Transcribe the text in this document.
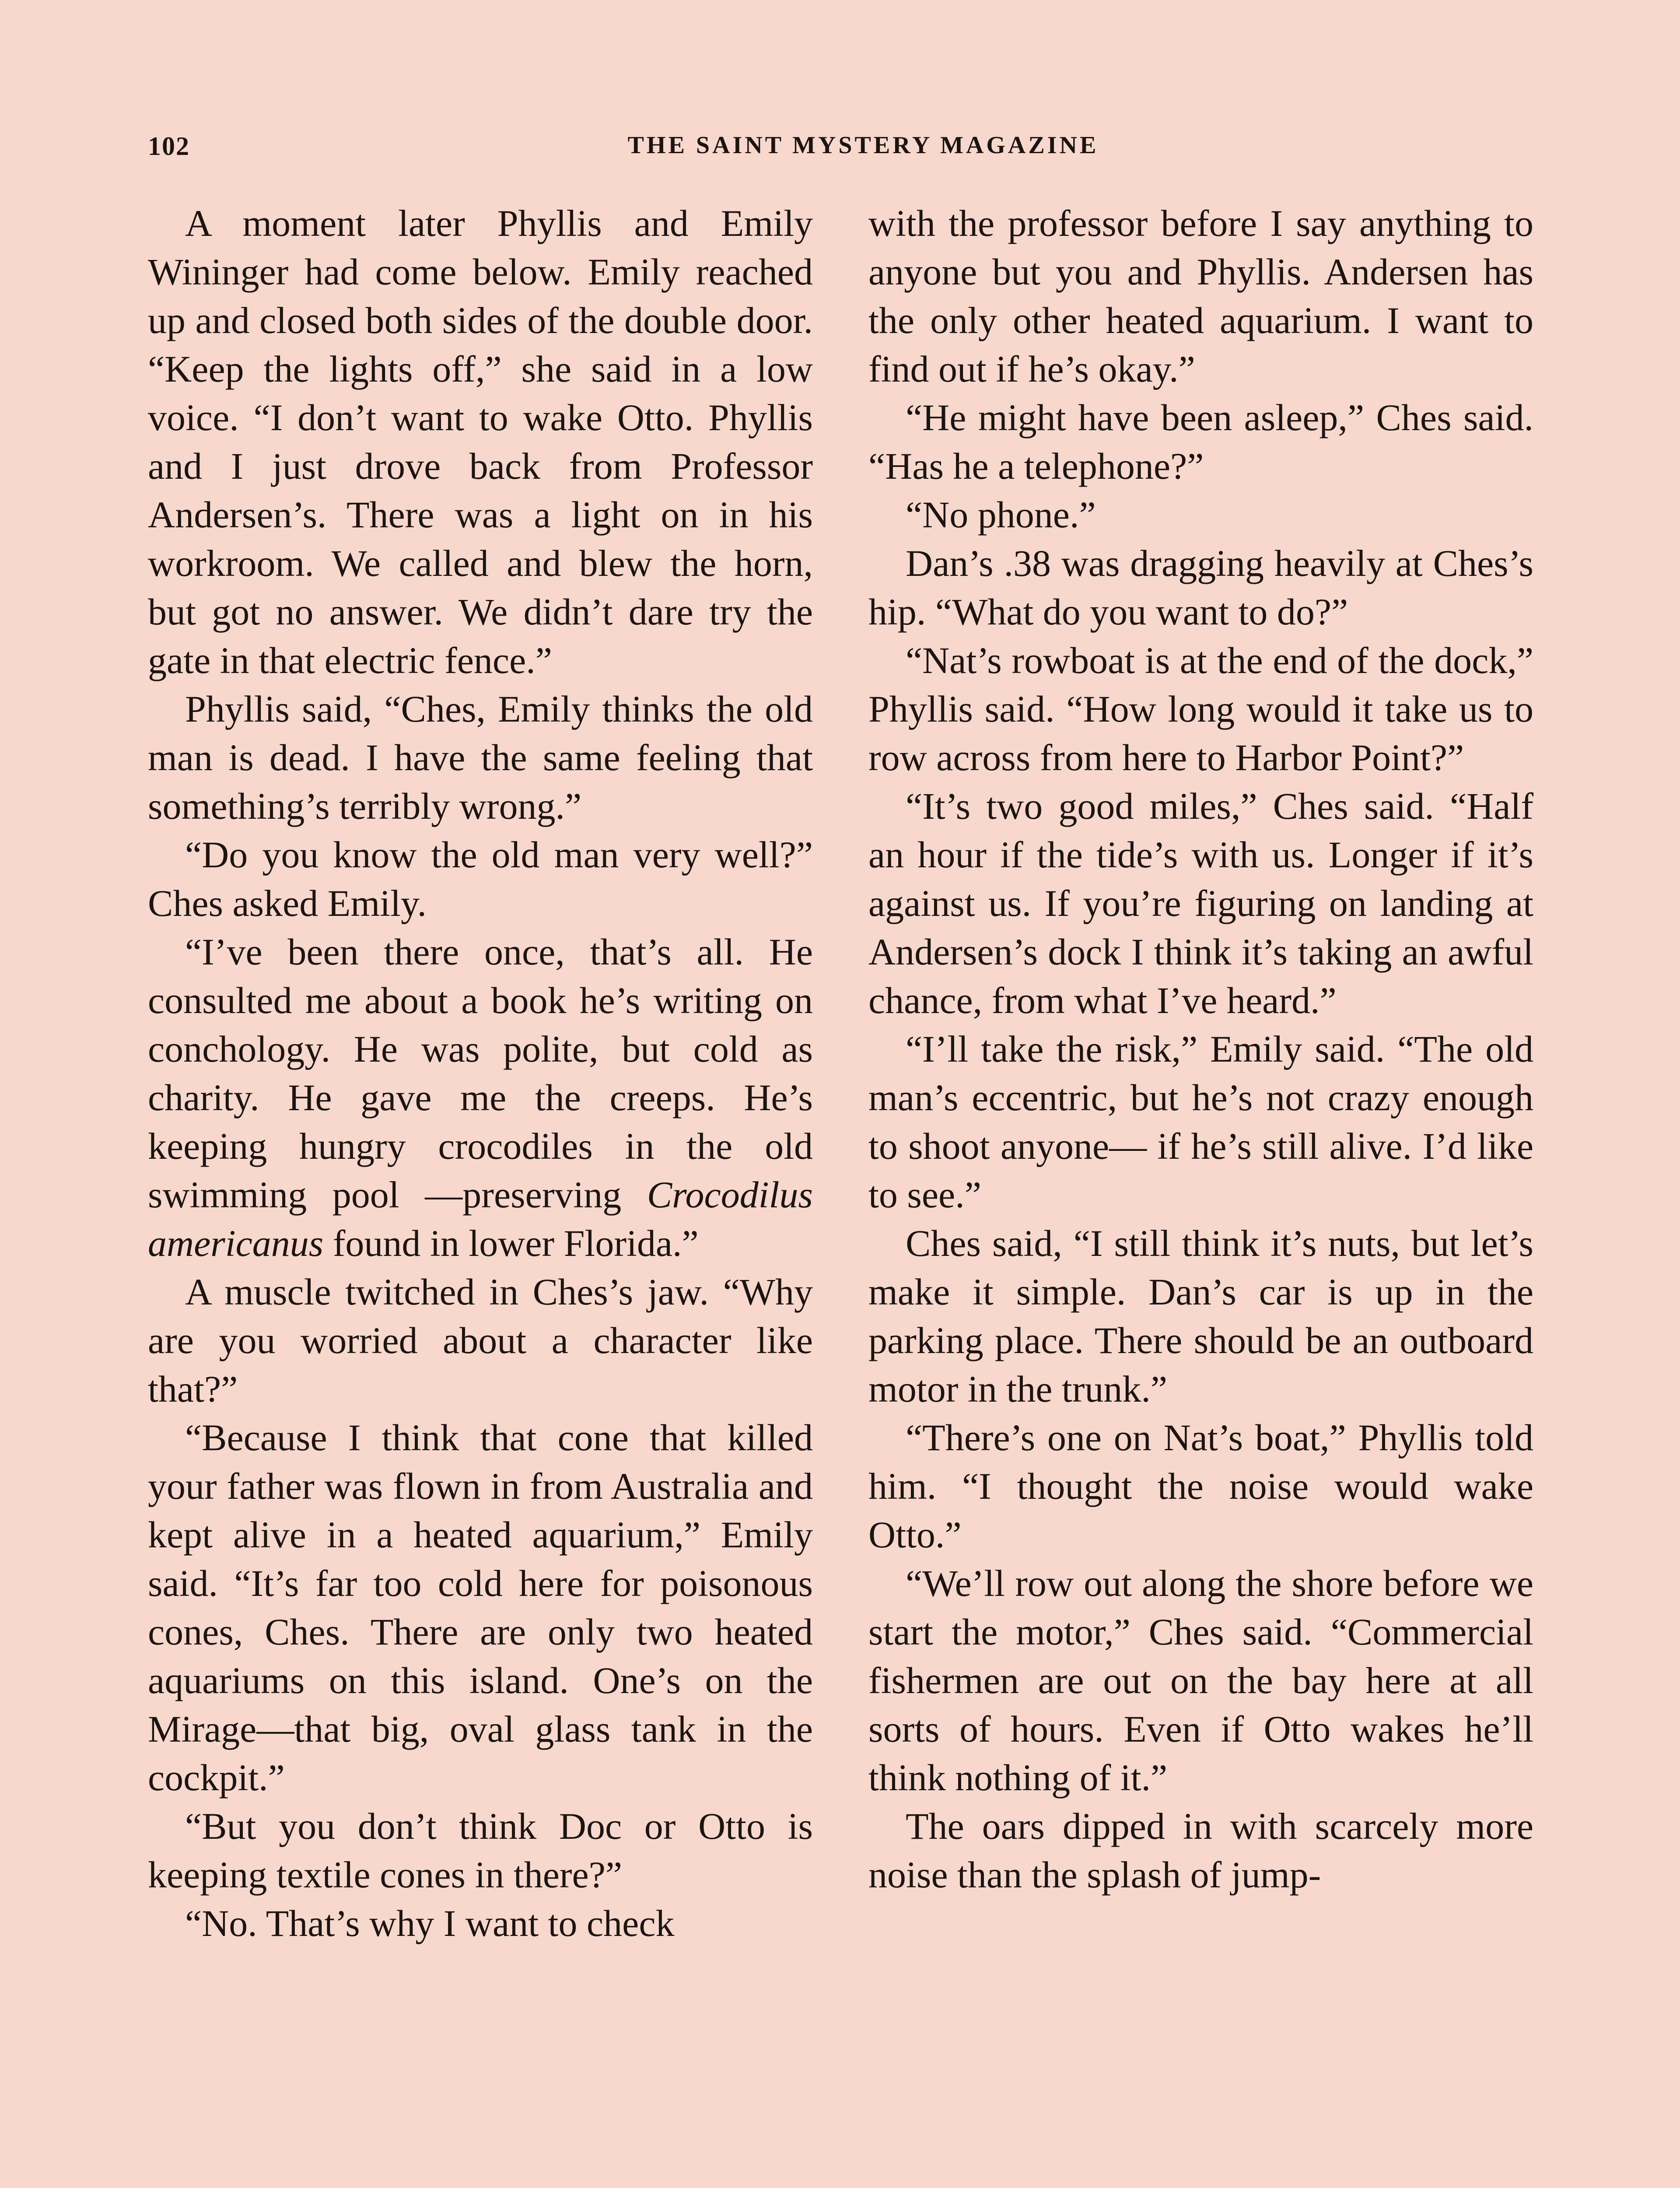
102	THE SAINT MYSTERY MAGAZINE

A moment later Phyllis and Emily Wininger had come below. Emily reached up and closed both sides of the double door. “Keep the lights off,” she said in a low voice. “I don’t want to wake Otto. Phyllis and I just drove back from Professor Andersen’s. There was a light on in his workroom. We called and blew the horn, but got no answer. We didn’t dare try the gate in that electric fence.”

Phyllis said, “Ches, Emily thinks the old man is dead. I have the same feeling that something’s terribly wrong.”

“Do you know the old man very well?” Ches asked Emily.

“I’ve been there once, that’s all. He consulted me about a book he’s writing on conchology. He was polite, but cold as charity. He gave me the creeps. He’s keeping hungry crocodiles in the old swimming pool —preserving Crocodilus americanus found in lower Florida.”

A muscle twitched in Ches’s jaw. “Why are you worried about a character like that?”

“Because I think that cone that killed your father was flown in from Australia and kept alive in a heated aquarium,” Emily said. “It’s far too cold here for poisonous cones, Ches. There are only two heated aquariums on this island. One’s on the Mirage—that big, oval glass tank in the cockpit.”

“But you don’t think Doc or Otto is keeping textile cones in there?”

“No. That’s why I want to check

with the professor before I say anything to anyone but you and Phyllis. Andersen has the only other heated aquarium. I want to find out if he’s okay.”

“He might have been asleep,” Ches said. “Has he a telephone?”

“No phone.”

Dan’s .38 was dragging heavily at Ches’s hip. “What do you want to do?”

“Nat’s rowboat is at the end of the dock,” Phyllis said. “How long would it take us to row across from here to Harbor Point?”

“It’s two good miles,” Ches said. “Half an hour if the tide’s with us. Longer if it’s against us. If you’re figuring on landing at Andersen’s dock I think it’s taking an awful chance, from what I’ve heard.”

“I’ll take the risk,” Emily said. “The old man’s eccentric, but he’s not crazy enough to shoot anyone— if he’s still alive. I’d like to see.”

Ches said, “I still think it’s nuts, but let’s make it simple. Dan’s car is up in the parking place. There should be an outboard motor in the trunk.”

“There’s one on Nat’s boat,” Phyllis told him. “I thought the noise would wake Otto.”

“We’ll row out along the shore before we start the motor,” Ches said. “Commercial fishermen are out on the bay here at all sorts of hours. Even if Otto wakes he’ll think nothing of it.”

The oars dipped in with scarcely more noise than the splash of jump-
